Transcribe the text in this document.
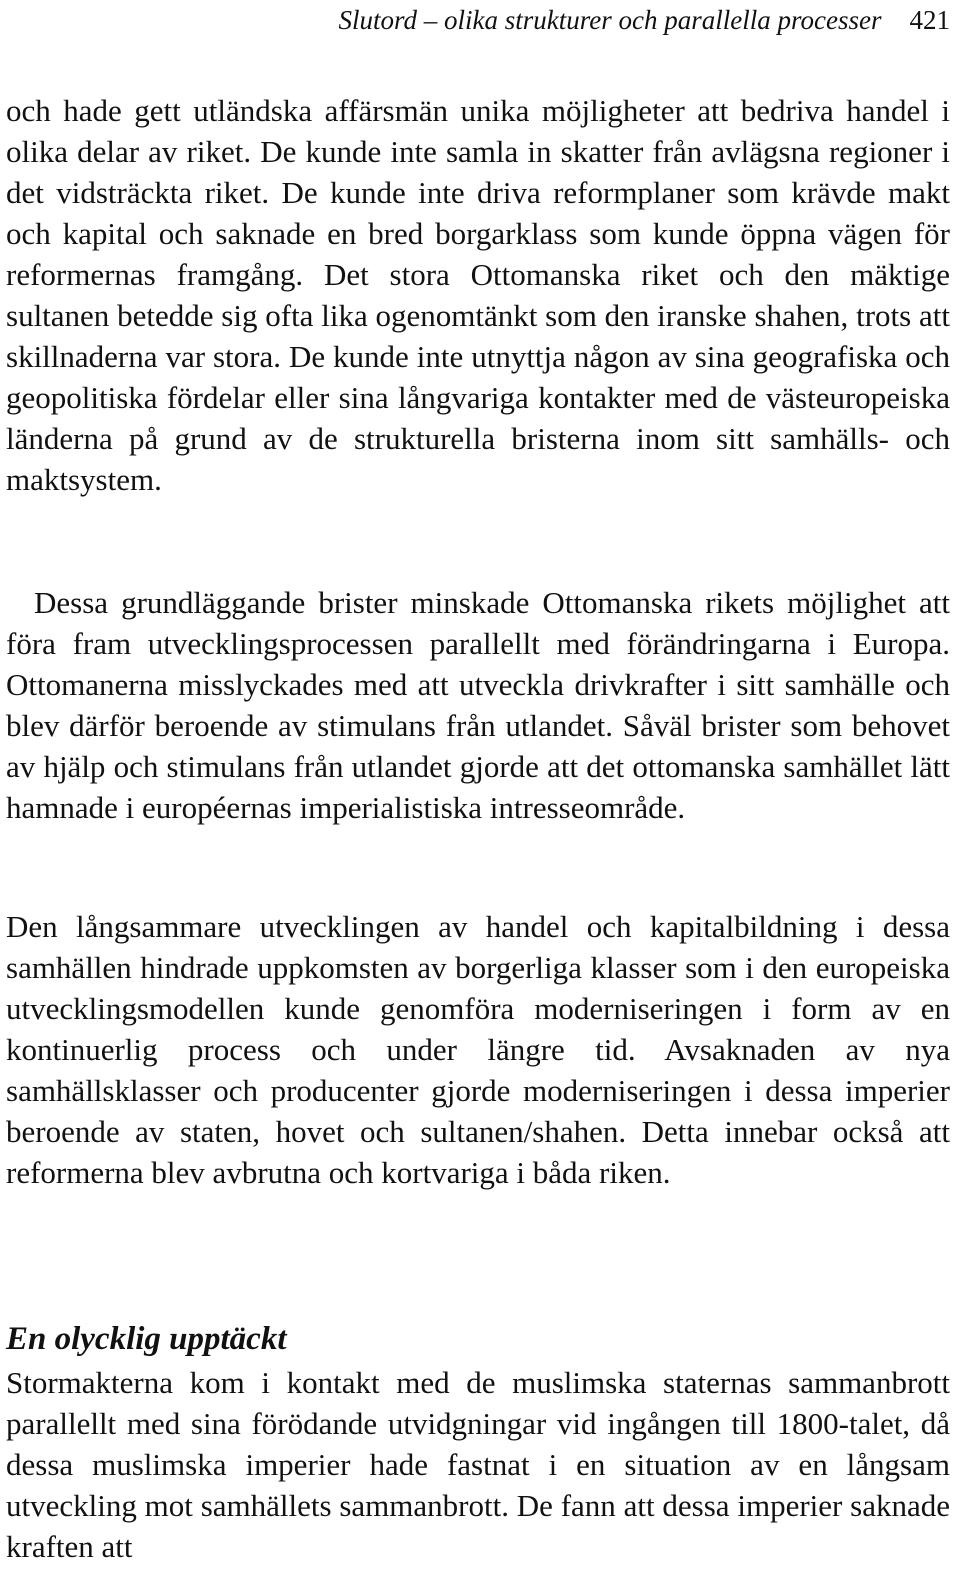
Slutord – olika strukturer och parallella processer 421

och hade gett utländska affärsmän unika möjligheter att bedriva handel i olika delar av riket. De kunde inte samla in skatter från avlägsna regioner i det vidsträckta riket. De kunde inte driva reformplaner som krävde makt och kapital och saknade en bred borgarklass som kunde öppna vägen för reformernas framgång. Det stora Ottomanska riket och den mäktige sultanen betedde sig ofta lika ogenomtänkt som den iranske shahen, trots att skillnaderna var stora. De kunde inte utnyttja någon av sina geografiska och geopolitiska fördelar eller sina långvariga kontakter med de västeuropeiska länderna på grund av de strukturella bristerna inom sitt samhälls- och maktsystem.

Dessa grundläggande brister minskade Ottomanska rikets möjlighet att föra fram utvecklingsprocessen parallellt med förändringarna i Europa. Ottomanerna misslyckades med att utveckla drivkrafter i sitt samhälle och blev därför beroende av stimulans från utlandet. Såväl brister som behovet av hjälp och stimulans från utlandet gjorde att det ottomanska samhället lätt hamnade i européernas imperialistiska intresseområde.

Den långsammare utvecklingen av handel och kapitalbildning i dessa samhällen hindrade uppkomsten av borgerliga klasser som i den europeiska utvecklingsmodellen kunde genomföra moderniseringen i form av en kontinuerlig process och under längre tid. Avsaknaden av nya samhällsklasser och producenter gjorde moderniseringen i dessa imperier beroende av staten, hovet och sultanen/shahen. Detta innebar också att reformerna blev avbrutna och kortvariga i båda riken.

En olycklig upptäckt

Stormakterna kom i kontakt med de muslimska staternas sammanbrott parallellt med sina förödande utvidgningar vid ingången till 1800-talet, då dessa muslimska imperier hade fastnat i en situation av en långsam utveckling mot samhällets sammanbrott. De fann att dessa imperier saknade kraften att
